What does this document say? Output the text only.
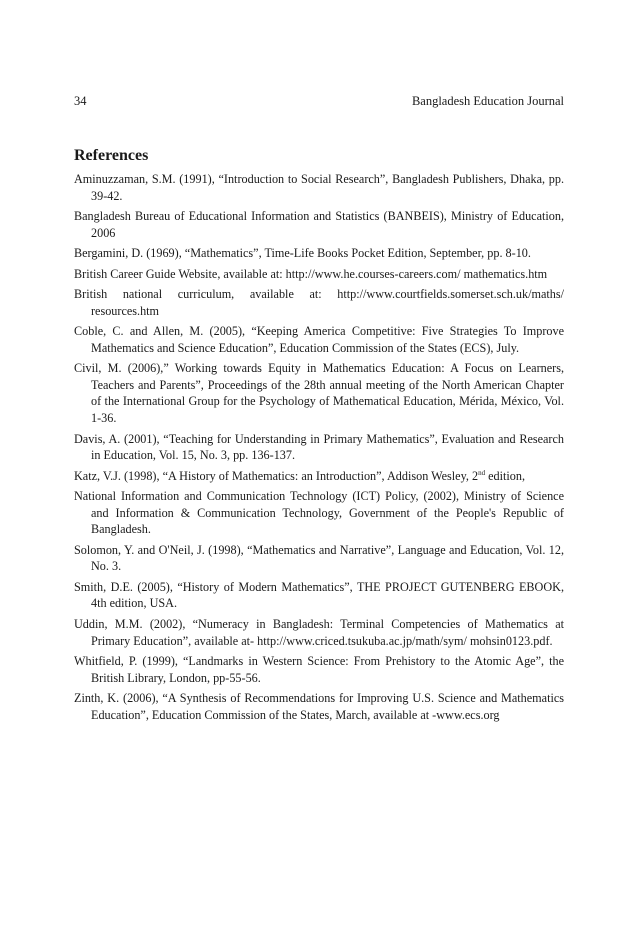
34	Bangladesh Education Journal
References

Aminuzzaman, S.M. (1991), “Introduction to Social Research”, Bangladesh Publishers, Dhaka, pp. 39-42.

Bangladesh Bureau of Educational Information and Statistics (BANBEIS), Ministry of Education, 2006

Bergamini, D. (1969), “Mathematics”, Time-Life Books Pocket Edition, September, pp. 8-10.

British Career Guide Website, available at: http://www.he.courses-careers.com/ mathematics.htm

British national curriculum, available at: http://www.courtfields.somerset.sch.uk/maths/ resources.htm

Coble, C. and Allen, M. (2005), “Keeping America Competitive: Five Strategies To Improve Mathematics and Science Education”, Education Commission of the States (ECS), July.

Civil, M. (2006),” Working towards Equity in Mathematics Education: A Focus on Learners, Teachers and Parents”, Proceedings of the 28th annual meeting of the North American Chapter of the International Group for the Psychology of Mathematical Education, Mérida, México, Vol. 1-36.

Davis, A. (2001), “Teaching for Understanding in Primary Mathematics”, Evaluation and Research in Education, Vol. 15, No. 3, pp. 136-137.

Katz, V.J. (1998), “A History of Mathematics: an Introduction”, Addison Wesley, 2nd edition,

National Information and Communication Technology (ICT) Policy, (2002), Ministry of Science and Information & Communication Technology, Government of the People's Republic of Bangladesh.

Solomon, Y. and O'Neil, J. (1998), “Mathematics and Narrative”, Language and Education, Vol. 12, No. 3.

Smith, D.E. (2005), “History of Modern Mathematics”, THE PROJECT GUTENBERG EBOOK, 4th edition, USA.

Uddin, M.M. (2002), “Numeracy in Bangladesh: Terminal Competencies of Mathematics at Primary Education”, available at- http://www.criced.tsukuba.ac.jp/math/sym/ mohsin0123.pdf.

Whitfield, P. (1999), “Landmarks in Western Science: From Prehistory to the Atomic Age”, the British Library, London, pp-55-56.

Zinth, K. (2006), “A Synthesis of Recommendations for Improving U.S. Science and Mathematics Education”, Education Commission of the States, March, available at -www.ecs.org
